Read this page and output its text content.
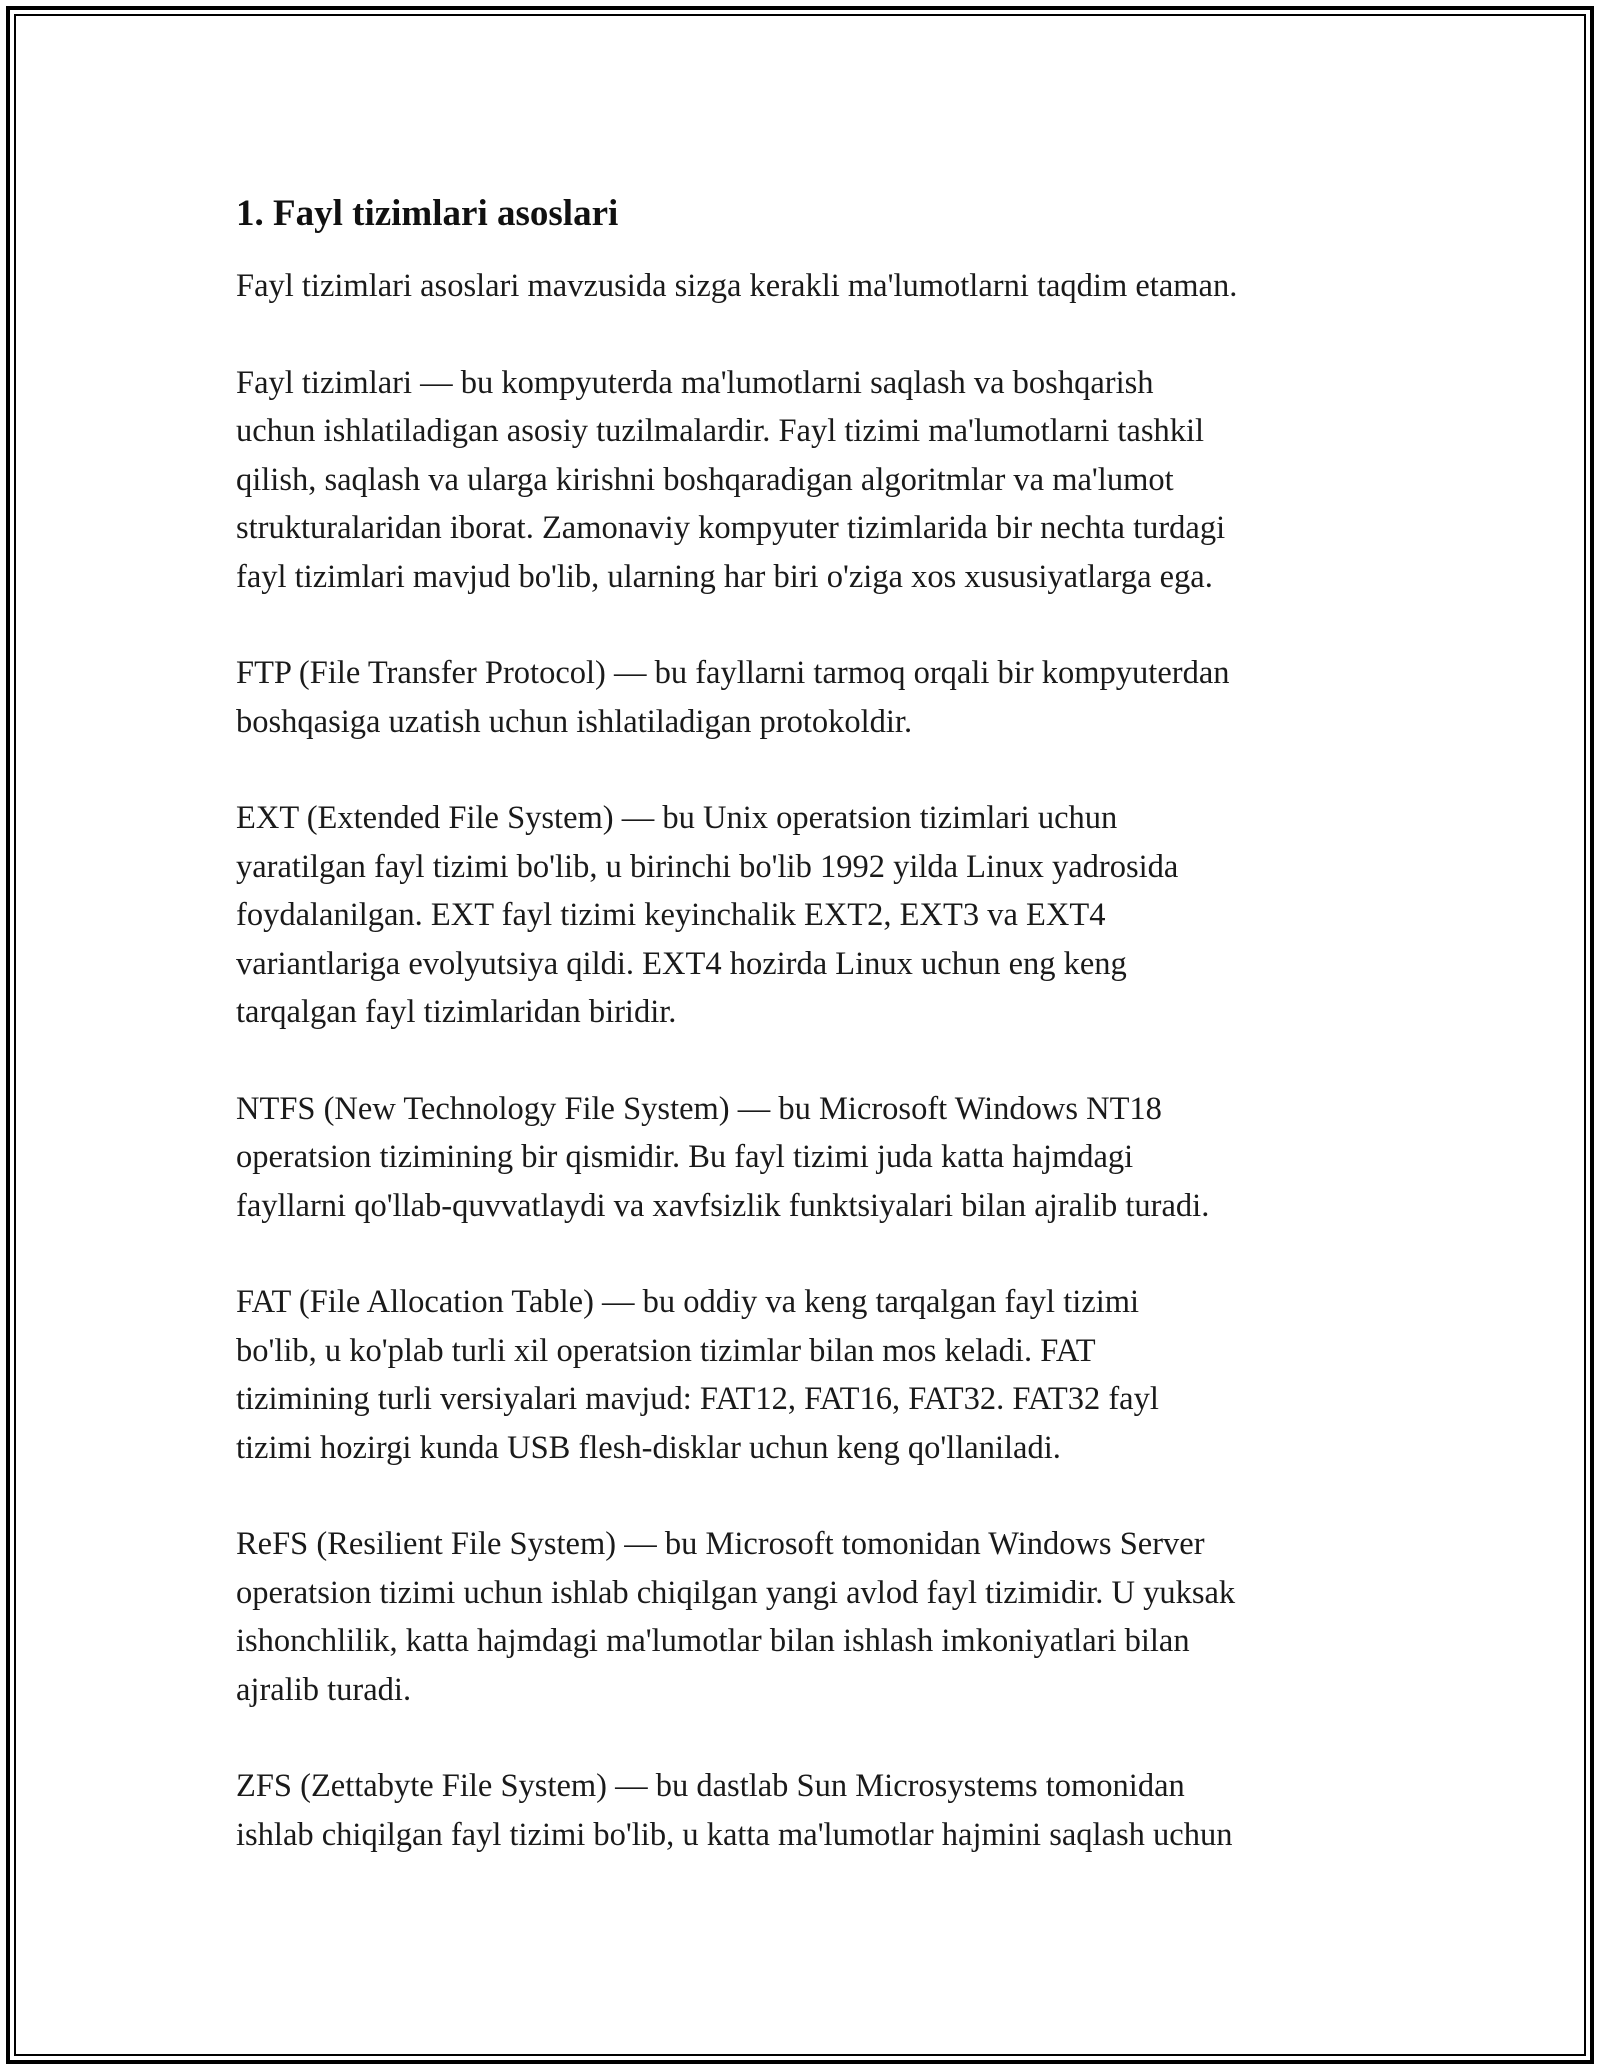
1. Fayl tizimlari asoslari

Fayl tizimlari asoslari mavzusida sizga kerakli ma'lumotlarni taqdim etaman.

Fayl tizimlari — bu kompyuterda ma'lumotlarni saqlash va boshqarish
uchun ishlatiladigan asosiy tuzilmalardir. Fayl tizimi ma'lumotlarni tashkil
qilish, saqlash va ularga kirishni boshqaradigan algoritmlar va ma'lumot
strukturalaridan iborat. Zamonaviy kompyuter tizimlarida bir nechta turdagi
fayl tizimlari mavjud bo'lib, ularning har biri o'ziga xos xususiyatlarga ega.

FTP (File Transfer Protocol) — bu fayllarni tarmoq orqali bir kompyuterdan
boshqasiga uzatish uchun ishlatiladigan protokoldir.

EXT (Extended File System) — bu Unix operatsion tizimlari uchun
yaratilgan fayl tizimi bo'lib, u birinchi bo'lib 1992 yilda Linux yadrosida
foydalanilgan. EXT fayl tizimi keyinchalik EXT2, EXT3 va EXT4
variantlariga evolyutsiya qildi. EXT4 hozirda Linux uchun eng keng
tarqalgan fayl tizimlaridan biridir.

NTFS (New Technology File System) — bu Microsoft Windows NT18
operatsion tizimining bir qismidir. Bu fayl tizimi juda katta hajmdagi
fayllarni qo'llab-quvvatlaydi va xavfsizlik funktsiyalari bilan ajralib turadi.

FAT (File Allocation Table) — bu oddiy va keng tarqalgan fayl tizimi
bo'lib, u ko'plab turli xil operatsion tizimlar bilan mos keladi. FAT
tizimining turli versiyalari mavjud: FAT12, FAT16, FAT32. FAT32 fayl
tizimi hozirgi kunda USB flesh-disklar uchun keng qo'llaniladi.

ReFS (Resilient File System) — bu Microsoft tomonidan Windows Server
operatsion tizimi uchun ishlab chiqilgan yangi avlod fayl tizimidir. U yuksak
ishonchlilik, katta hajmdagi ma'lumotlar bilan ishlash imkoniyatlari bilan
ajralib turadi.

ZFS (Zettabyte File System) — bu dastlab Sun Microsystems tomonidan
ishlab chiqilgan fayl tizimi bo'lib, u katta ma'lumotlar hajmini saqlash uchun
